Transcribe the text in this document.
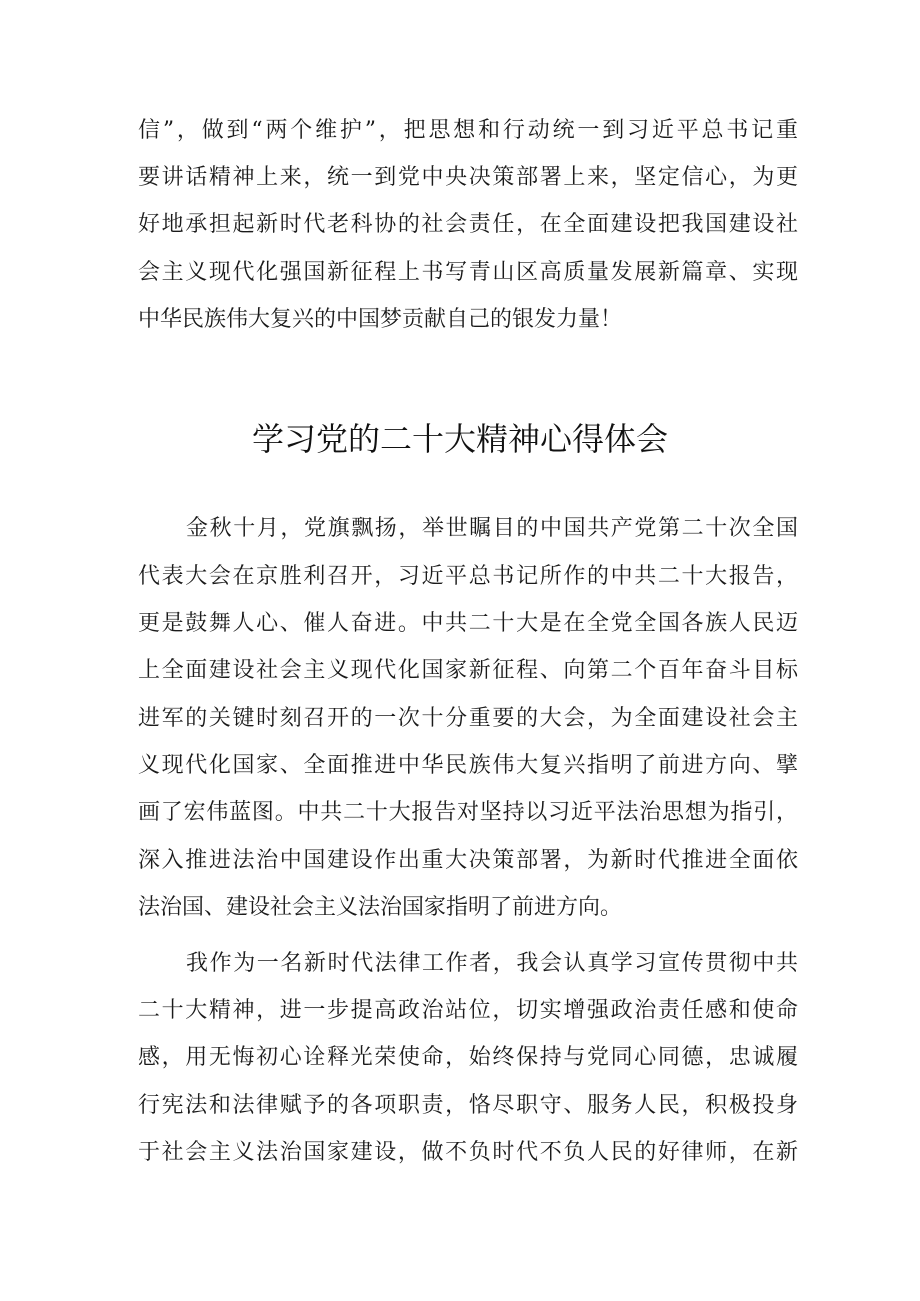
信”，做到“两个维护”，把思想和行动统一到习近平总书记重
要讲话精神上来，统一到党中央决策部署上来，坚定信心，为更
好地承担起新时代老科协的社会责任，在全面建设把我国建设社
会主义现代化强国新征程上书写青山区高质量发展新篇章、实现
中华民族伟大复兴的中国梦贡献自己的银发力量！
学习党的二十大精神心得体会
金秋十月，党旗飘扬，举世瞩目的中国共产党第二十次全国
代表大会在京胜利召开，习近平总书记所作的中共二十大报告，
更是鼓舞人心、催人奋进。中共二十大是在全党全国各族人民迈
上全面建设社会主义现代化国家新征程、向第二个百年奋斗目标
进军的关键时刻召开的一次十分重要的大会，为全面建设社会主
义现代化国家、全面推进中华民族伟大复兴指明了前进方向、擘
画了宏伟蓝图。中共二十大报告对坚持以习近平法治思想为指引，
深入推进法治中国建设作出重大决策部署，为新时代推进全面依
法治国、建设社会主义法治国家指明了前进方向。
我作为一名新时代法律工作者，我会认真学习宣传贯彻中共
二十大精神，进一步提高政治站位，切实增强政治责任感和使命
感，用无悔初心诠释光荣使命，始终保持与党同心同德，忠诚履
行宪法和法律赋予的各项职责，恪尽职守、服务人民，积极投身
于社会主义法治国家建设，做不负时代不负人民的好律师，在新
